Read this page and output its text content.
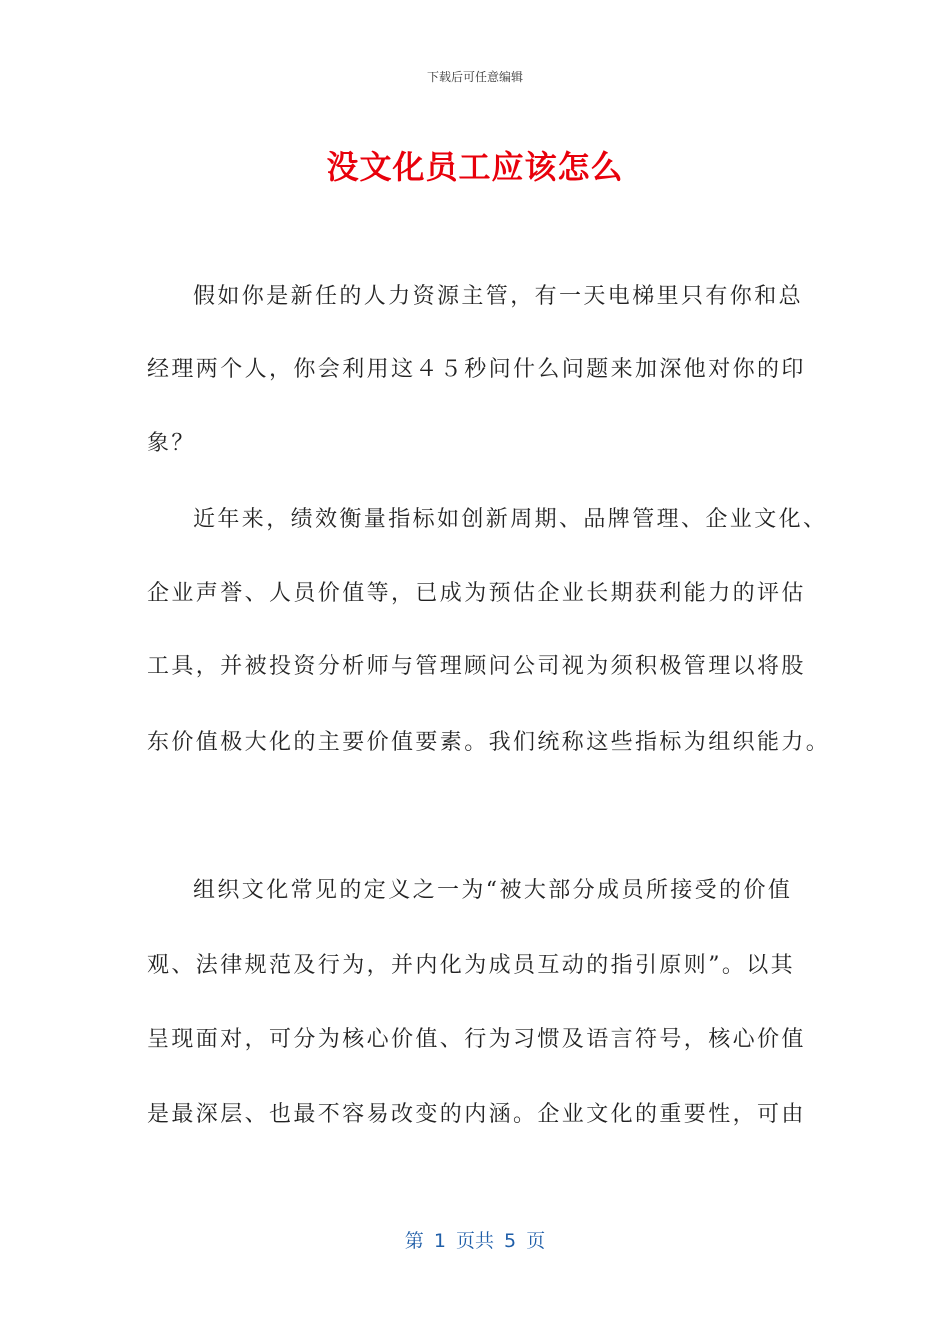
下载后可任意编辑
没文化员工应该怎么
假如你是新任的人力资源主管，有一天电梯里只有你和总
经理两个人，你会利用这４５秒问什么问题来加深他对你的印
象？
近年来，绩效衡量指标如创新周期、品牌管理、企业文化、
企业声誉、人员价值等，已成为预估企业长期获利能力的评估
工具，并被投资分析师与管理顾问公司视为须积极管理以将股
东价值极大化的主要价值要素。我们统称这些指标为组织能力。
组织文化常见的定义之一为“被大部分成员所接受的价值
观、法律规范及行为，并内化为成员互动的指引原则”。以其
呈现面对，可分为核心价值、行为习惯及语言符号，核心价值
是最深层、也最不容易改变的内涵。企业文化的重要性，可由
第 1 页共 5 页
